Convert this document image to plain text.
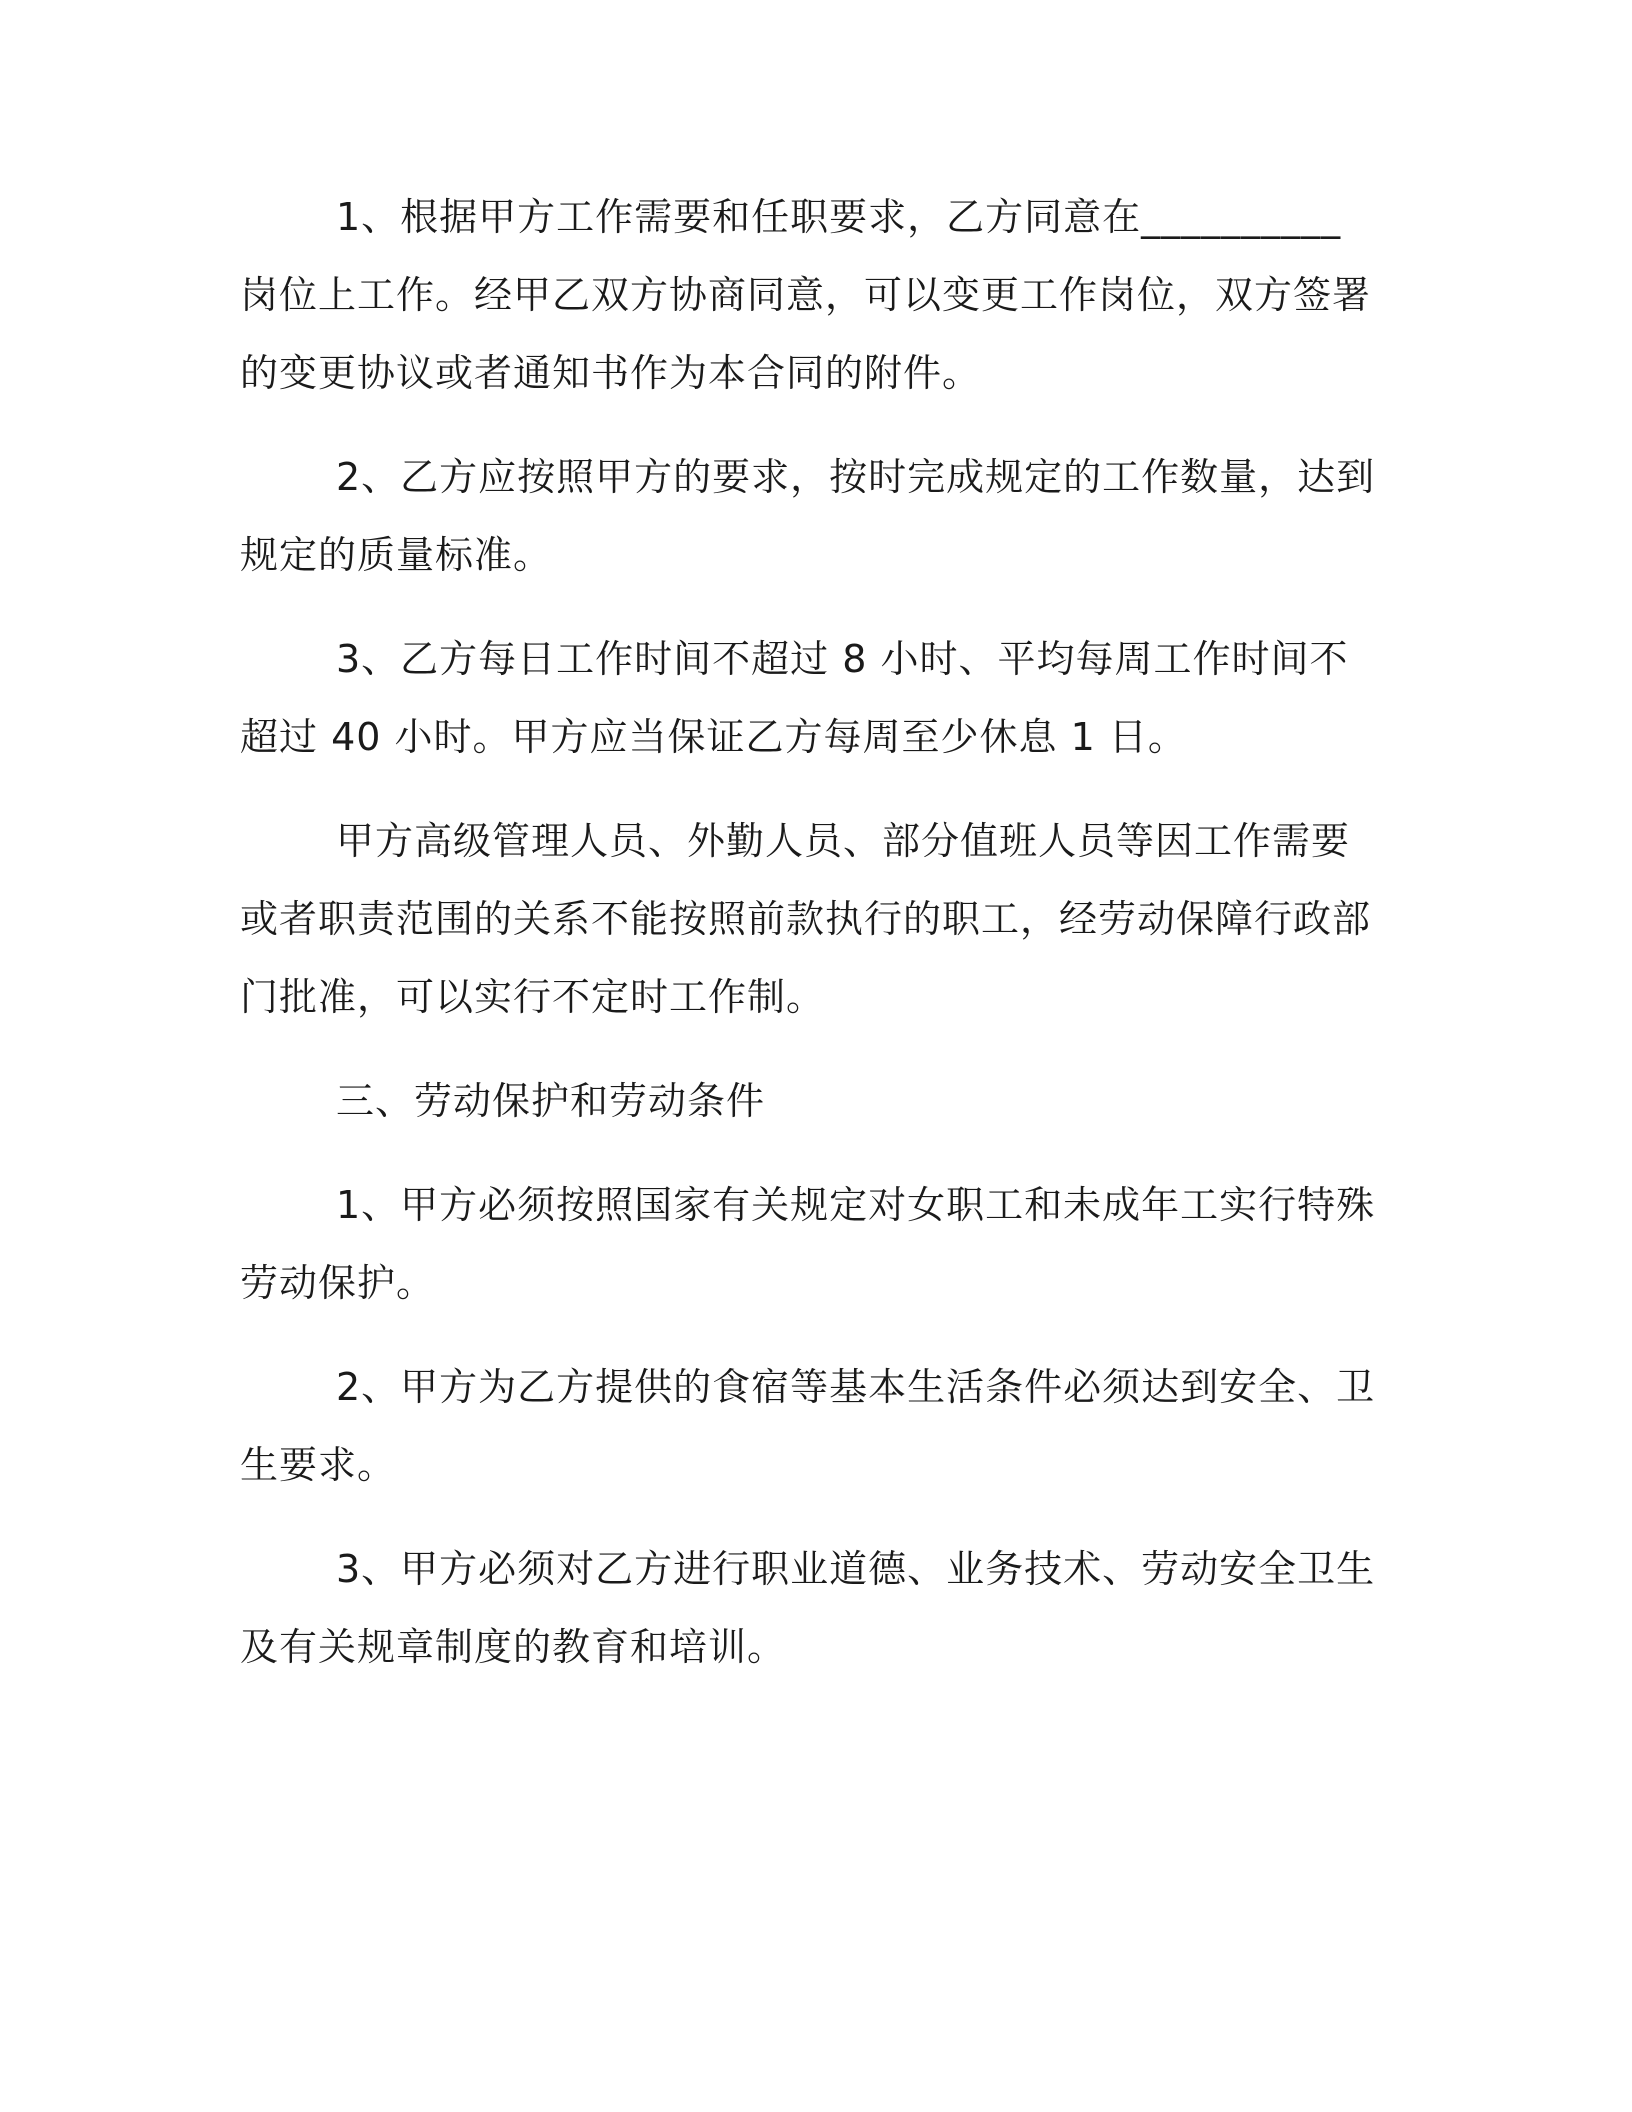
1、根据甲方工作需要和任职要求，乙方同意在__________岗位上工作。经甲乙双方协商同意，可以变更工作岗位，双方签署的变更协议或者通知书作为本合同的附件。

2、乙方应按照甲方的要求，按时完成规定的工作数量，达到规定的质量标准。

3、乙方每日工作时间不超过 8 小时、平均每周工作时间不超过 40 小时。甲方应当保证乙方每周至少休息 1 日。

甲方高级管理人员、外勤人员、部分值班人员等因工作需要或者职责范围的关系不能按照前款执行的职工，经劳动保障行政部门批准，可以实行不定时工作制。

三、劳动保护和劳动条件

1、甲方必须按照国家有关规定对女职工和未成年工实行特殊劳动保护。

2、甲方为乙方提供的食宿等基本生活条件必须达到安全、卫生要求。

3、甲方必须对乙方进行职业道德、业务技术、劳动安全卫生及有关规章制度的教育和培训。
